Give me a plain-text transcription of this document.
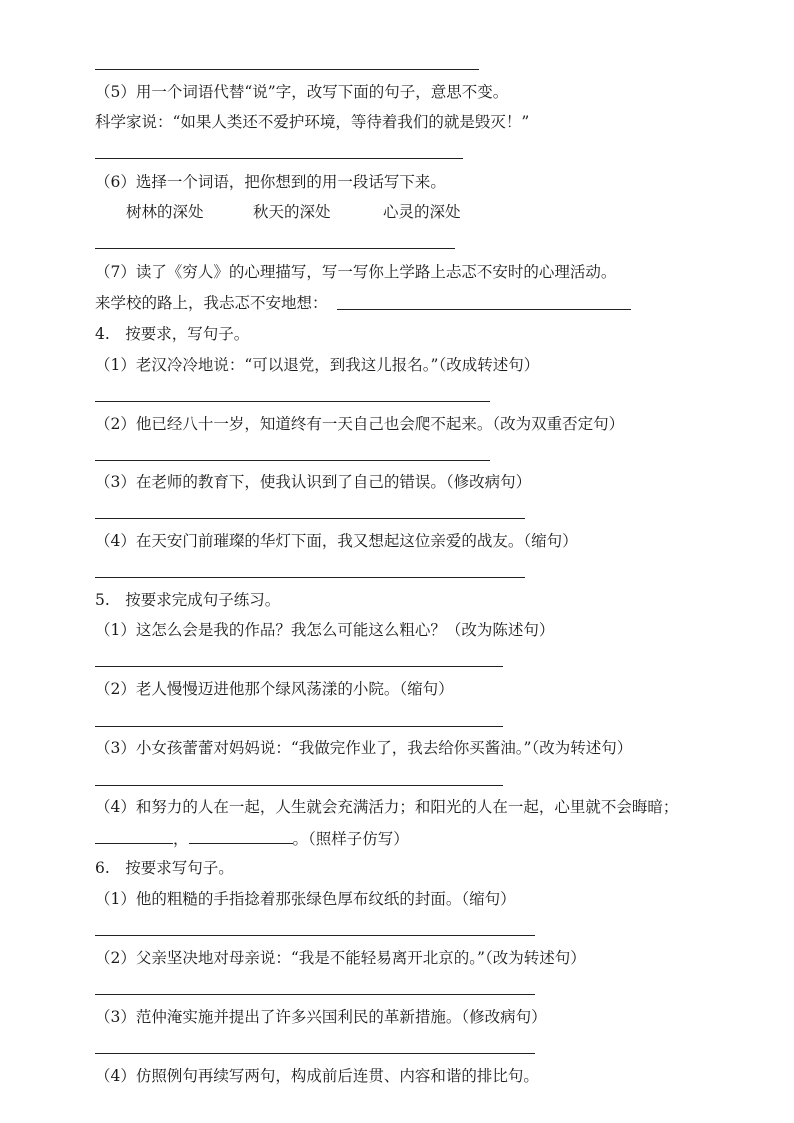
（5）用一个词语代替“说”字，改写下面的句子，意思不变。
科学家说：“如果人类还不爱护环境，等待着我们的就是毁灭！”
（6）选择一个词语，把你想到的用一段话写下来。
树林的深处	秋天的深处	心灵的深处
（7）读了《穷人》的心理描写，写一写你上学路上忐忑不安时的心理活动。
来学校的路上，我忐忑不安地想：
4.　按要求，写句子。
（1）老汉冷冷地说：“可以退党，到我这儿报名。”（改成转述句）
（2）他已经八十一岁，知道终有一天自己也会爬不起来。（改为双重否定句）
（3）在老师的教育下，使我认识到了自己的错误。（修改病句）
（4）在天安门前璀璨的华灯下面，我又想起这位亲爱的战友。（缩句）
5.　按要求完成句子练习。
（1）这怎么会是我的作品？我怎么可能这么粗心？（改为陈述句）
（2）老人慢慢迈进他那个绿风荡漾的小院。（缩句）
（3）小女孩蕾蕾对妈妈说：“我做完作业了，我去给你买酱油。”（改为转述句）
（4）和努力的人在一起，人生就会充满活力；和阳光的人在一起，心里就不会晦暗；
，	。（照样子仿写）
6.　按要求写句子。
（1）他的粗糙的手指捻着那张绿色厚布纹纸的封面。（缩句）
（2）父亲坚决地对母亲说：“我是不能轻易离开北京的。”（改为转述句）
（3）范仲淹实施并提出了许多兴国利民的革新措施。（修改病句）
（4）仿照例句再续写两句，构成前后连贯、内容和谐的排比句。
